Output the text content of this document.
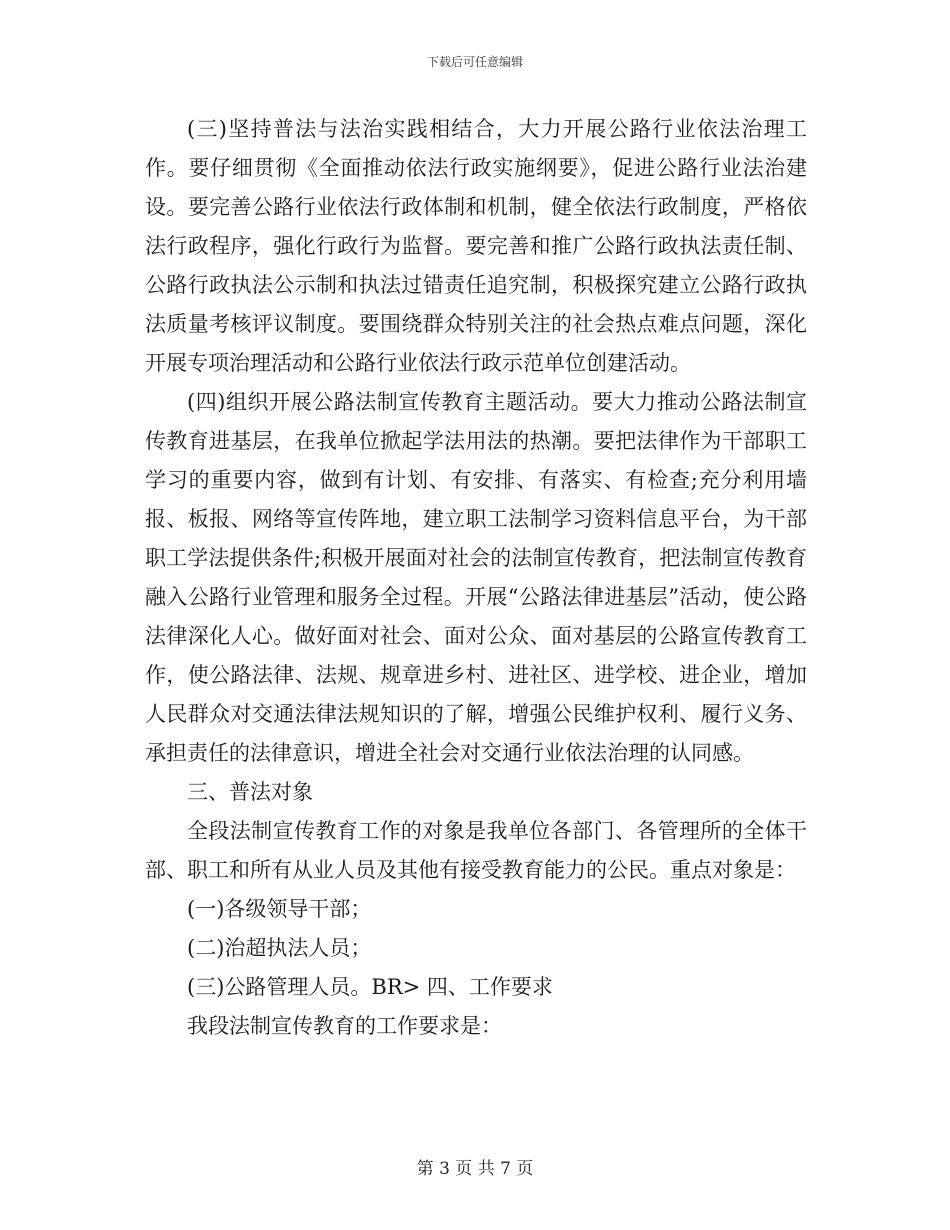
下载后可任意编辑

(三)坚持普法与法治实践相结合，大力开展公路行业依法治理工作。要仔细贯彻《全面推动依法行政实施纲要》，促进公路行业法治建设。要完善公路行业依法行政体制和机制，健全依法行政制度，严格依法行政程序，强化行政行为监督。要完善和推广公路行政执法责任制、公路行政执法公示制和执法过错责任追究制，积极探究建立公路行政执法质量考核评议制度。要围绕群众特别关注的社会热点难点问题，深化开展专项治理活动和公路行业依法行政示范单位创建活动。

(四)组织开展公路法制宣传教育主题活动。要大力推动公路法制宣传教育进基层，在我单位掀起学法用法的热潮。要把法律作为干部职工学习的重要内容，做到有计划、有安排、有落实、有检查;充分利用墙报、板报、网络等宣传阵地，建立职工法制学习资料信息平台，为干部职工学法提供条件;积极开展面对社会的法制宣传教育，把法制宣传教育融入公路行业管理和服务全过程。开展“公路法律进基层”活动，使公路法律深化人心。做好面对社会、面对公众、面对基层的公路宣传教育工作，使公路法律、法规、规章进乡村、进社区、进学校、进企业，增加人民群众对交通法律法规知识的了解，增强公民维护权利、履行义务、承担责任的法律意识，增进全社会对交通行业依法治理的认同感。

三、普法对象

全段法制宣传教育工作的对象是我单位各部门、各管理所的全体干部、职工和所有从业人员及其他有接受教育能力的公民。重点对象是：

(一)各级领导干部；

(二)治超执法人员；

(三)公路管理人员。BR> 四、工作要求

我段法制宣传教育的工作要求是：

第 3 页 共 7 页
